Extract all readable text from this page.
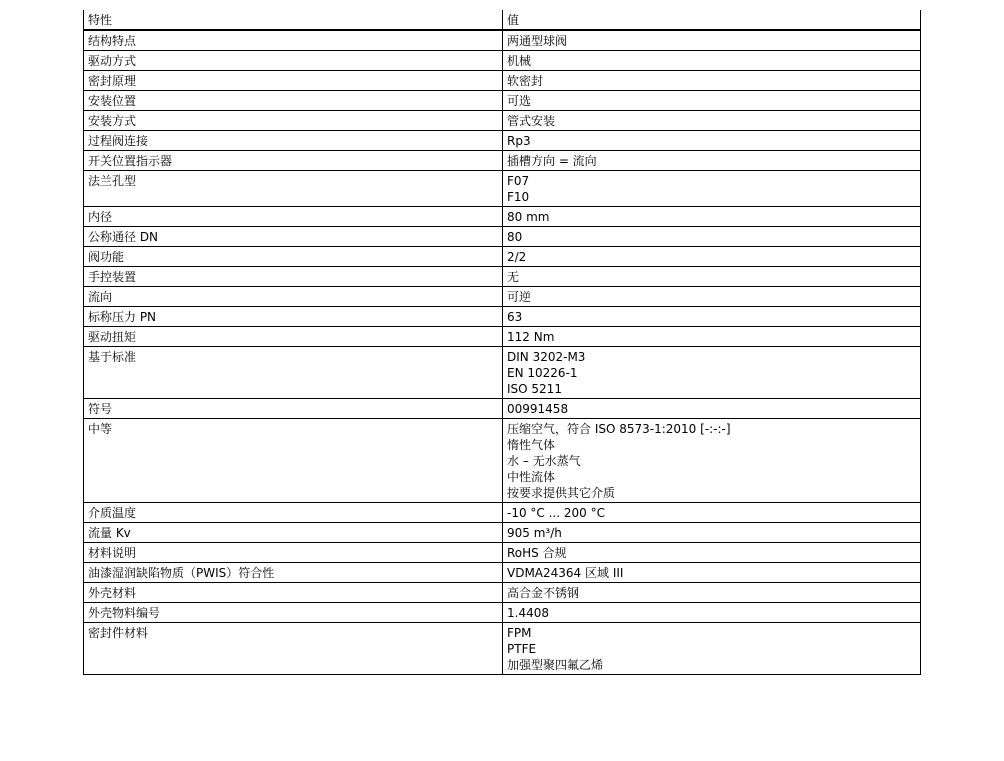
特性	值
结构特点	两通型球阀

驱动方式	机械

密封原理	软密封

安装位置	可选

安装方式	管式安装

过程阀连接	Rp3

开关位置指示器	插槽方向 = 流向

法兰孔型	F07
F10

内径	80 mm

公称通径 DN	80

阀功能	2/2

手控装置	无

流向	可逆

标称压力 PN	63

驱动扭矩	112 Nm

基于标准	DIN 3202-M3
EN 10226-1
ISO 5211

符号	00991458

中等	压缩空气，符合 ISO 8573-1:2010 [-:-:-]
惰性气体
水 – 无水蒸气
中性流体
按要求提供其它介质

介质温度	-10 °C ... 200 °C

流量 Kv	905 m³/h

材料说明	RoHS 合规

油漆湿润缺陷物质（PWIS）符合性	VDMA24364 区域 III

外壳材料	高合金不锈钢

外壳物料编号	1.4408

密封件材料	FPM
PTFE
加强型聚四氟乙烯
